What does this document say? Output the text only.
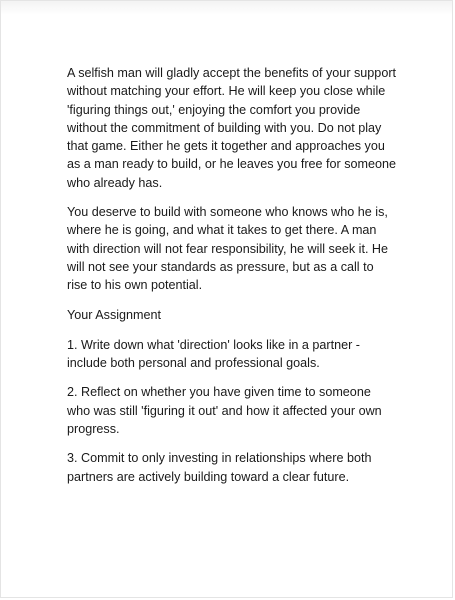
A selfish man will gladly accept the benefits of your support without matching your effort. He will keep you close while 'figuring things out,' enjoying the comfort you provide without the commitment of building with you. Do not play that game. Either he gets it together and approaches you as a man ready to build, or he leaves you free for someone who already has.

You deserve to build with someone who knows who he is, where he is going, and what it takes to get there. A man with direction will not fear responsibility, he will seek it. He will not see your standards as pressure, but as a call to rise to his own potential.

Your Assignment

1. Write down what 'direction' looks like in a partner - include both personal and professional goals.

2. Reflect on whether you have given time to someone who was still 'figuring it out' and how it affected your own progress.

3. Commit to only investing in relationships where both partners are actively building toward a clear future.
